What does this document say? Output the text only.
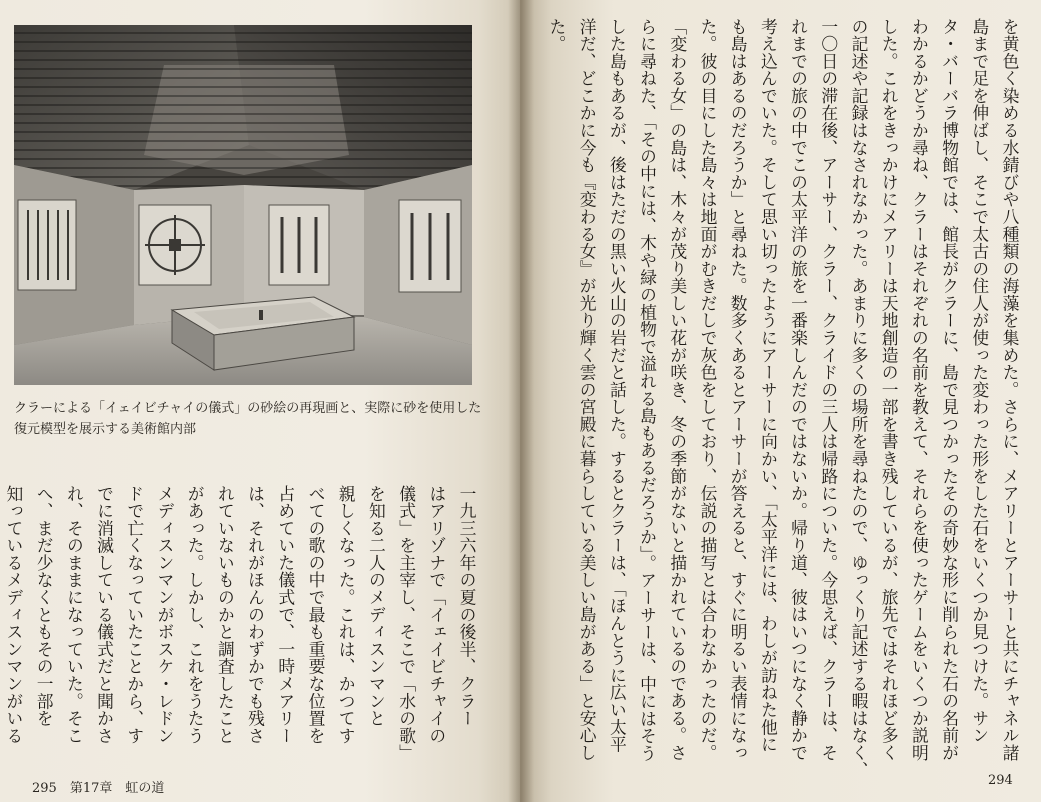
クラーによる「イェイビチャイの儀式」の砂絵の再現画と、実際に砂を使用した復元模型を展示する美術館内部
一九三六年の夏の後半、クラー
はアリゾナで「イェイビチャイの
儀式」を主宰し、そこで「水の歌」
を知る二人のメディスンマンと
親しくなった。これは、かつてす
べての歌の中で最も重要な位置を
占めていた儀式で、一時メアリー
は、それがほんのわずかでも残さ
れていないものかと調査したこと
があった。しかし、これをうたう
メディスンマンがボスケ・レドン
ドで亡くなっていたことから、す
でに消滅している儀式だと聞かさ
れ、そのままになっていた。そこ
へ、まだ少なくともその一部を
知っているメディスンマンがいる

295　第17章　虹の道
を黄色く染める水錆びや八種類の海藻を集めた。さらに、メアリーとアーサーと共にチャネル諸
島まで足を伸ばし、そこで太古の住人が使った変わった形をした石をいくつか見つけた。サン
タ・バーバラ博物館では、館長がクラーに、島で見つかったその奇妙な形に削られた石の名前が
わかるかどうか尋ね、クラーはそれぞれの名前を教えて、それらを使ったゲームをいくつか説明
した。これをきっかけにメアリーは天地創造の一部を書き残しているが、旅先ではそれほど多く
の記述や記録はなされなかった。あまりに多くの場所を尋ねたので、ゆっくり記述する暇はなく、
一〇日の滞在後、アーサー、クラー、クライドの三人は帰路についた。今思えば、クラーは、そ
れまでの旅の中でこの太平洋の旅を一番楽しんだのではないか。帰り道、彼はいつになく静かで
考え込んでいた。そして思い切ったようにアーサーに向かい、「太平洋には、わしが訪ねた他に
も島はあるのだろうか」と尋ねた。数多くあるとアーサーが答えると、すぐに明るい表情になっ
た。彼の目にした島々は地面がむきだしで灰色をしており、伝説の描写とは合わなかったのだ。
「変わる女」の島は、木々が茂り美しい花が咲き、冬の季節がないと描かれているのである。さ
らに尋ねた、「その中には、木や緑の植物で溢れる島もあるだろうか」。アーサーは、中にはそう
した島もあるが、後はただの黒い火山の岩だと話した。するとクラーは、「ほんとうに広い太平
洋だ、どこかに今も『変わる女』が光り輝く雲の宮殿に暮らしている美しい島がある」と安心し
た。
294
